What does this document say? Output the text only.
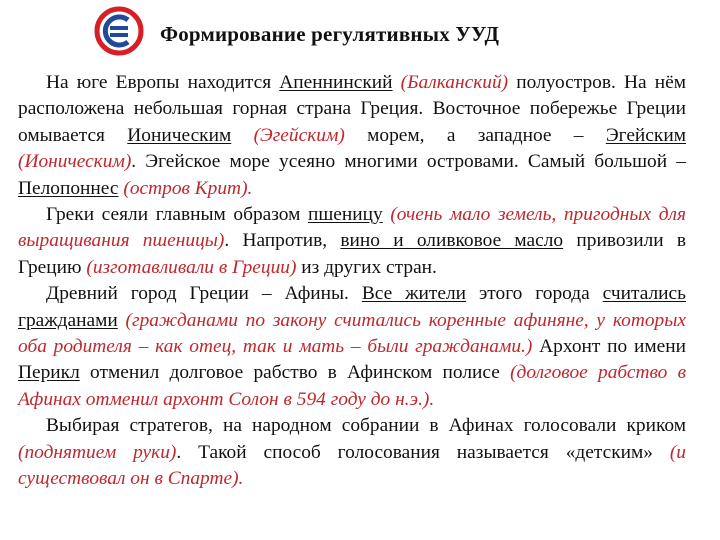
Формирование регулятивных УУД

На юге Европы находится Апеннинский (Балканский) полуостров. На нём расположена небольшая горная страна Греция. Восточное побережье Греции омывается Ионическим (Эгейским) морем, а западное – Эгейским (Ионическим). Эгейское море усеяно многими островами. Самый большой – Пелопоннес (остров Крит).

Греки сеяли главным образом пшеницу (очень мало земель, пригодных для выращивания пшеницы). Напротив, вино и оливковое масло привозили в Грецию (изготавливали в Греции) из других стран.

Древний город Греции – Афины. Все жители этого города считались гражданами (гражданами по закону считались коренные афиняне, у которых оба родителя – как отец, так и мать – были гражданами.) Архонт по имени Перикл отменил долговое рабство в Афинском полисе (долговое рабство в Афинах отменил архонт Солон в 594 году до н.э.).

Выбирая стратегов, на народном собрании в Афинах голосовали криком (поднятием руки). Такой способ голосования называется «детским» (и существовал он в Спарте).
